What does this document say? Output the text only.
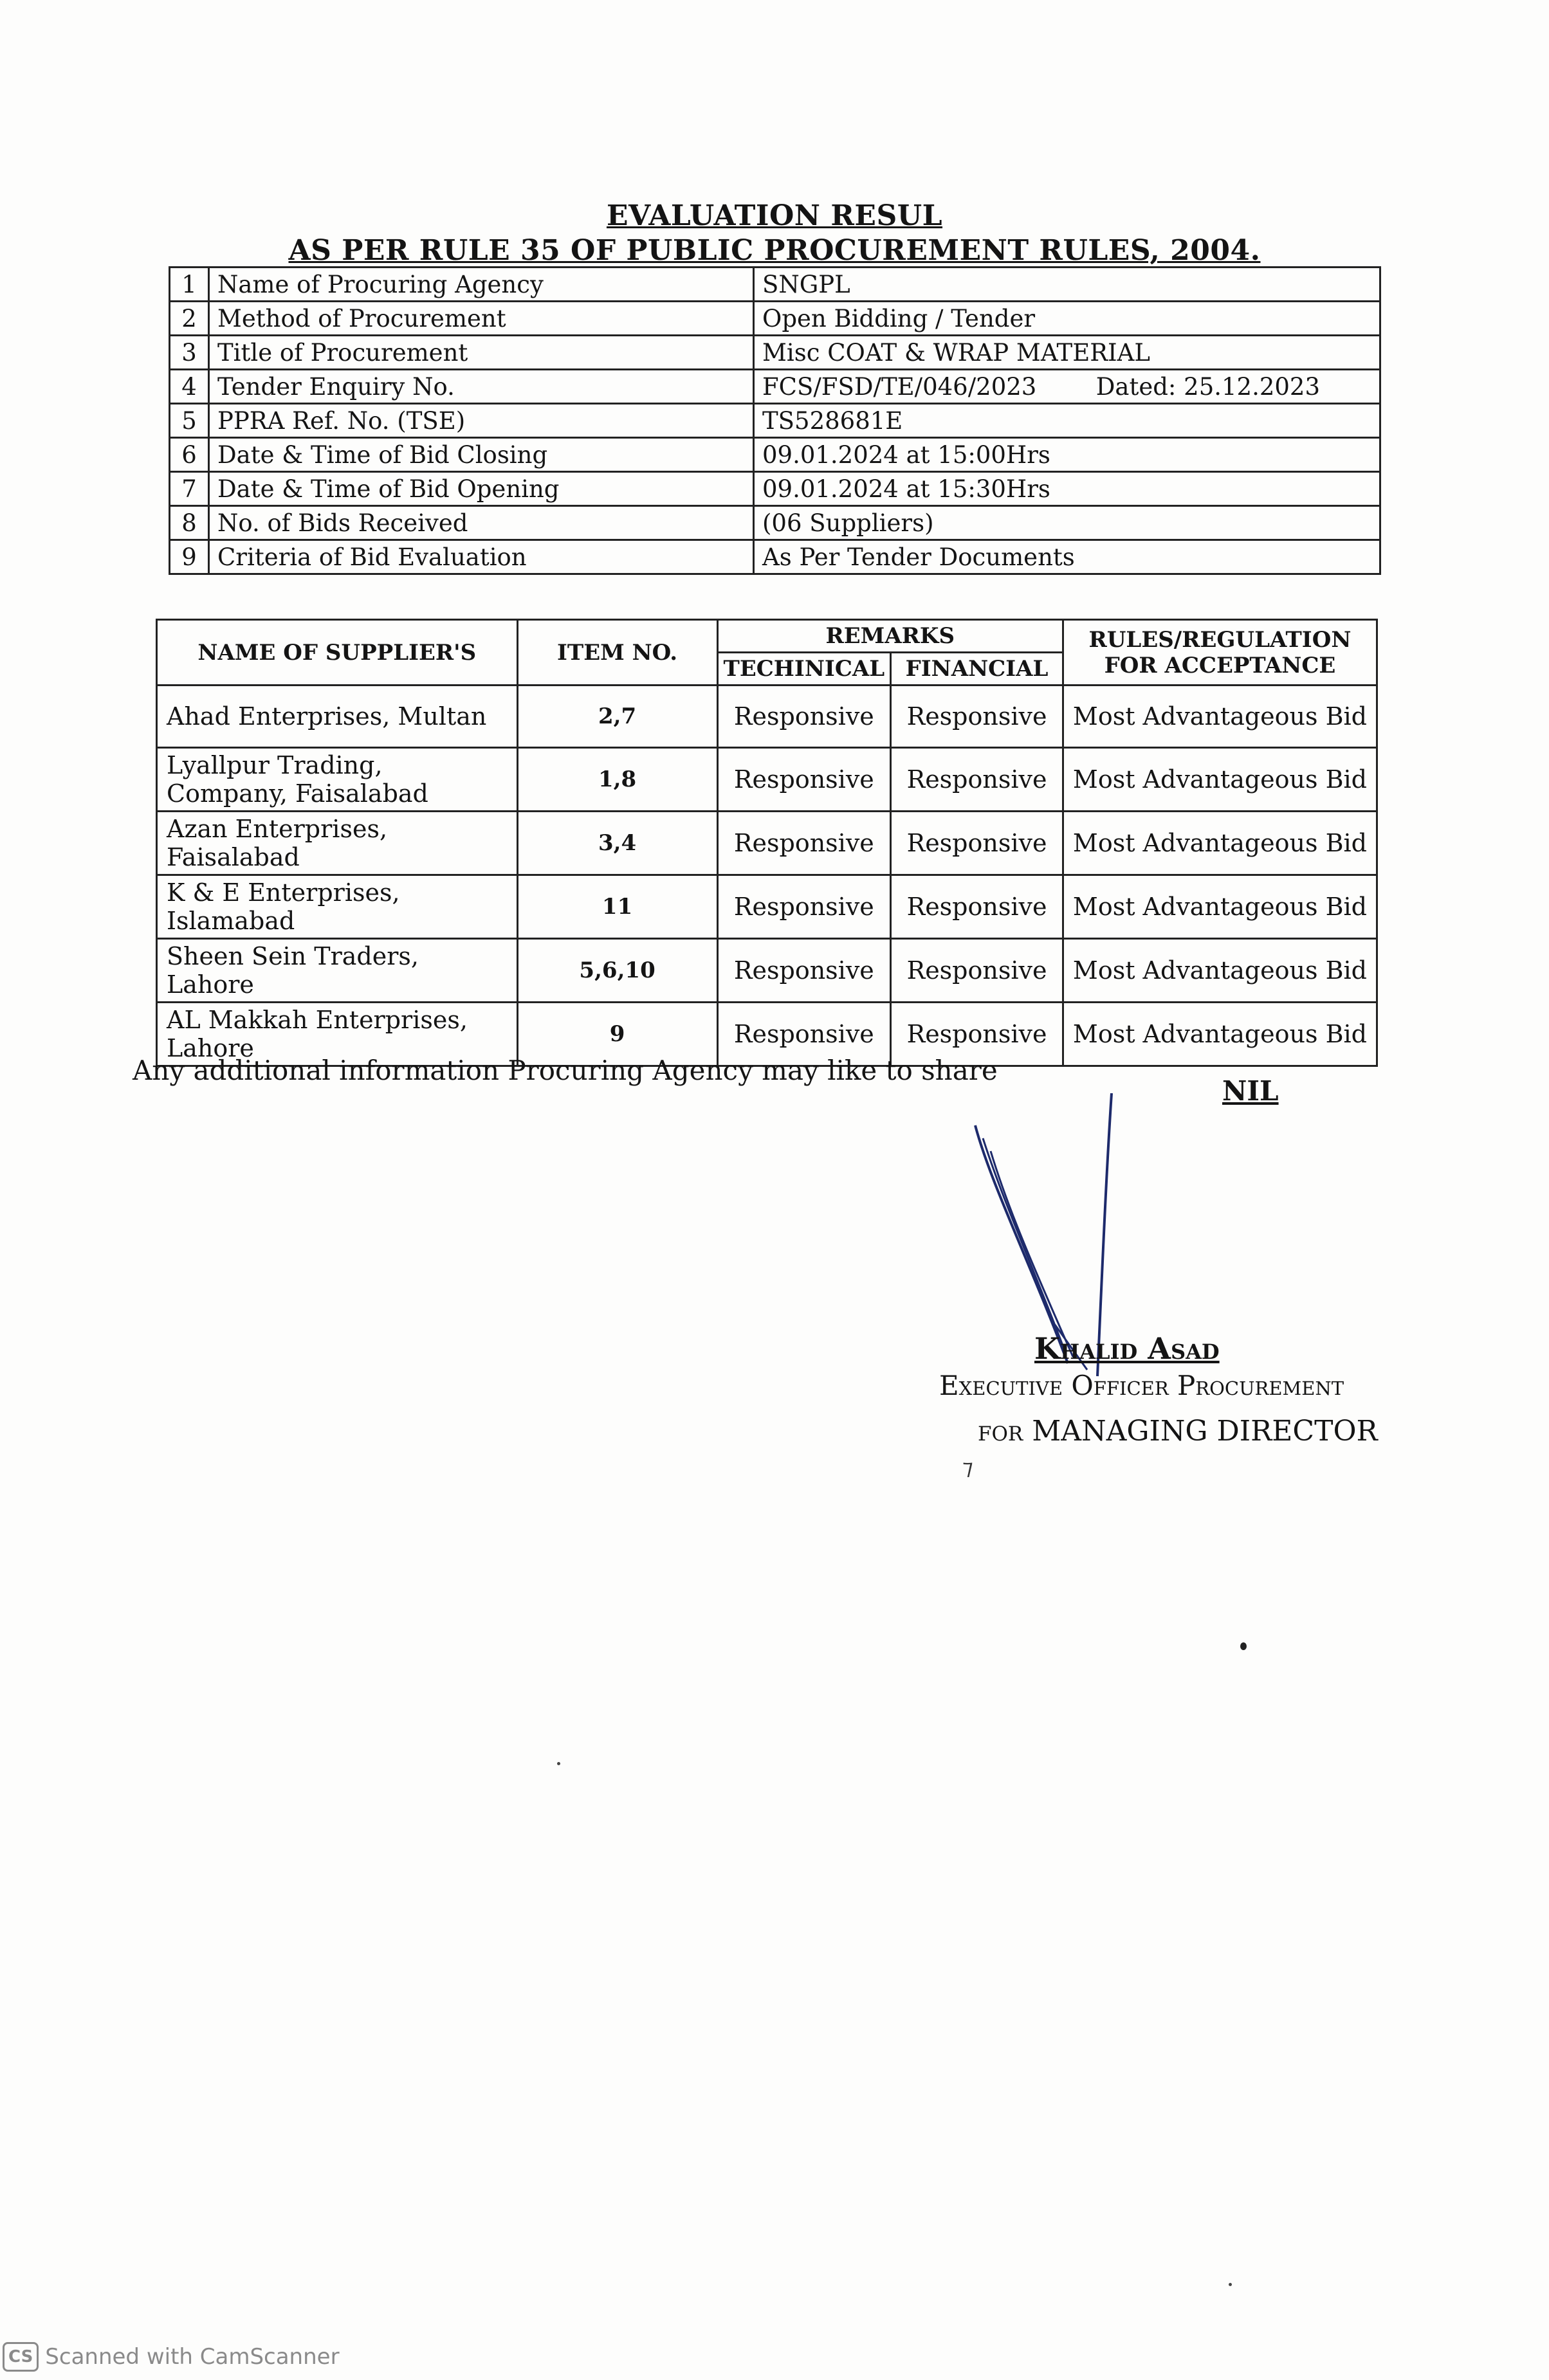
EVALUATION RESUL
AS PER RULE 35 OF PUBLIC PROCUREMENT RULES, 2004.
1	Name of Procuring Agency	SNGPL
2	Method of Procurement	Open Bidding / Tender
3	Title of Procurement	Misc COAT & WRAP MATERIAL
4	Tender Enquiry No.	FCS/FSD/TE/046/2023 Dated: 25.12.2023

5	PPRA Ref. No. (TSE)	TS528681E
6	Date & Time of Bid Closing	09.01.2024 at 15:00Hrs
7	Date & Time of Bid Opening	09.01.2024 at 15:30Hrs
8	No. of Bids Received	(06 Suppliers)
9	Criteria of Bid Evaluation	As Per Tender Documents
NAME OF SUPPLIER'S	ITEM NO.	REMARKS		RULES/REGULATION FOR ACCEPTANCE
		TECHINICAL	FINANCIAL	
Ahad Enterprises, Multan	2,7	Responsive	Responsive	Most Advantageous Bid
Lyallpur Trading, Company, Faisalabad	1,8	Responsive	Responsive	Most Advantageous Bid
Azan Enterprises, Faisalabad	3,4	Responsive	Responsive	Most Advantageous Bid
K & E Enterprises, Islamabad	11	Responsive	Responsive	Most Advantageous Bid
Sheen Sein Traders, Lahore	5,6,10	Responsive	Responsive	Most Advantageous Bid
AL Makkah Enterprises, Lahore	9	Responsive	Responsive	Most Advantageous Bid
Any additional information Procuring Agency may like to share
NIL
Khalid Asad
Executive Officer Procurement
for MANAGING DIRECTOR
⁊
CS Scanned with CamScanner
